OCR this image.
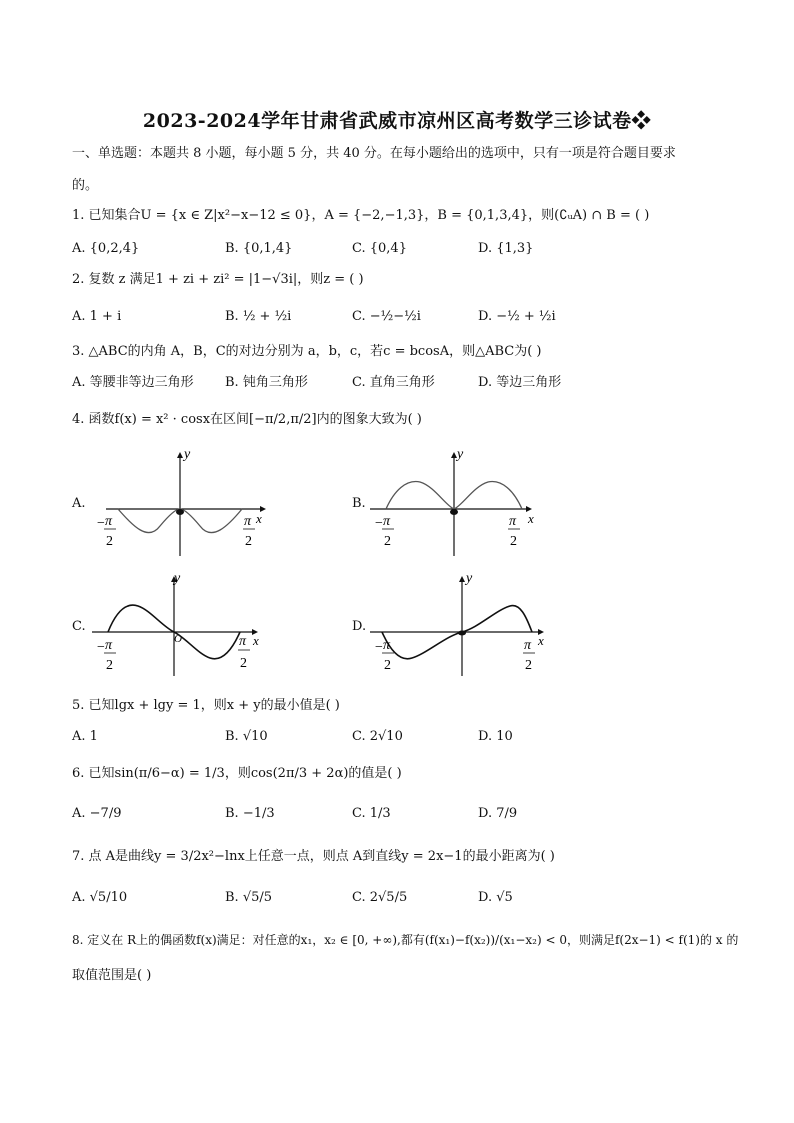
2023-2024学年甘肃省武威市凉州区高考数学三诊试卷❖
一、单选题：本题共 8 小题，每小题 5 分，共 40 分。在每小题给出的选项中，只有一项是符合题目要求
的。
1. 已知集合U = {x ∈ Z|x²−x−12 ≤ 0}，A = {−2,−1,3}，B = {0,1,3,4}，则(∁ᵤA) ∩ B = ( )
A. {0,2,4}	B. {0,1,4}	C. {0,4}	D. {1,3}
2. 复数 z 满足1 + zi + zi² = |1−√3i|，则z = ( )
A. 1 + i	B. ½ + ½i	C. −½−½i	D. −½ + ½i
3. △ABC的内角 A，B，C的对边分别为 a，b，c，若c = bcosA，则△ABC为( )
A. 等腰非等边三角形 B. 钝角三角形	C. 直角三角形	D. 等边三角形
4. 函数f(x) = x² · cosx在区间[−π/2,π/2]内的图象大致为( )
A.
y
x
− π
2
π
2
B.
y
x
− π
2
π
2
C.
y
x
O
− π
2
π
2
D.
y
x
− π
2
π
2
5. 已知lgx + lgy = 1，则x + y的最小值是( )
A. 1	B. √10	C. 2√10	D. 10
6. 已知sin(π/6−α) = 1/3，则cos(2π/3 + 2α)的值是( )
A. −7/9	B. −1/3	C. 1/3	D. 7/9
7. 点 A是曲线y = 3/2x²−lnx上任意一点，则点 A到直线y = 2x−1的最小距离为( )
A. √5/10	B. √5/5	C. 2√5/5	D. √5
8. 定义在 R上的偶函数f(x)满足：对任意的x₁，x₂ ∈ [0, +∞),都有(f(x₁)−f(x₂))/(x₁−x₂) < 0，则满足f(2x−1) < f(1)的 x 的
取值范围是( )
